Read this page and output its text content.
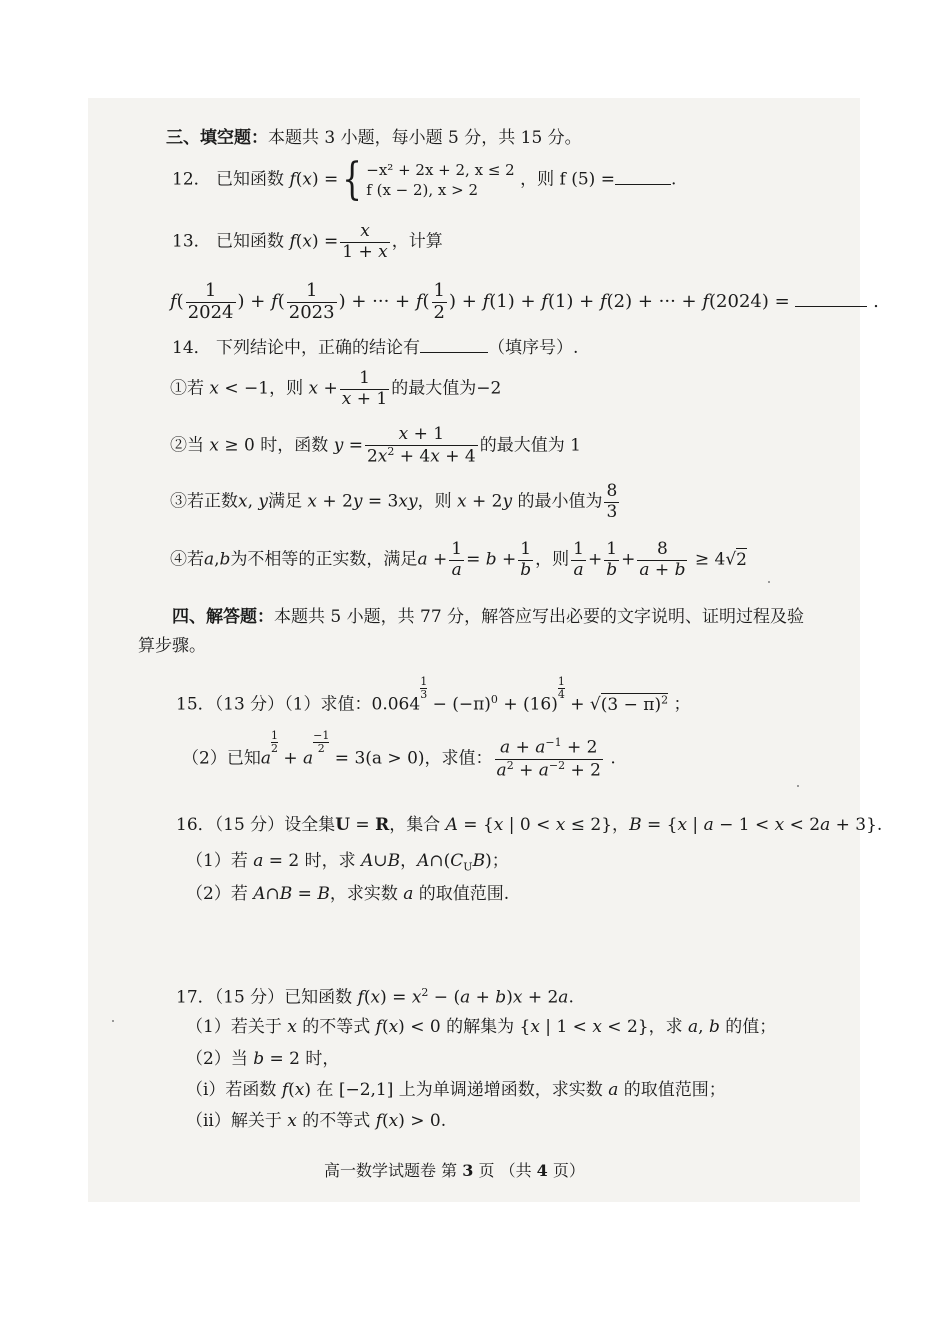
三、填空题：本题共 3 小题，每小题 5 分，共 15 分。
12． 已知函数 f(x) ={ −x² + 2x + 2, x ≤ 2
f (x − 2), x > 2
，则 f (5) =	.
13． 已知函数 $f(x) = \frac{x}{1 + x}$ ，计算
$f( \frac{1}{2024}$ ) + $f( \frac{1}{2023}$ ) + ··· + $f( \frac{1}{2}$ ) + f(1) + f(1) + f(2) + ··· + f(2024) =	.
14． 下列结论中，正确的结论有	（填序号）.
①若 x < −1，则 $x + \frac{1}{x + 1}$ 的最大值为−2
②当 x ≥ 0 时，函数 $y = \frac{x + 1}{2x^2 + 4x + 4}$ 的最大值为 1
③若正数x, y满足 x + 2y = 3xy，则 x + 2y 的最小值为 $\frac{8}{3}$
④若a,b为不相等的正实数，满足$a + \frac{1}{a} = b + \frac{1}{b}$ ，则 $\frac{1}{a} + \frac{1}{b} + \frac{8}{a + b} \ge 4√2$
四、解答题：本题共 5 小题，共 77 分，解答应写出必要的文字说明、证明过程及验
算步骤。
15．（13 分）（1）求值：0.064
$\frac{1}{3}$
− $(-\pi)^0 + (16)$
$\frac{1}{4}$
+ $√(3 - \pi)^2$ ；
（2）已知a
$\frac{1}{2}$
+ a
$\frac{-1}{2}$
= 3(a > 0)，求值： $\frac{a + a^{-1} + 2}{a^2 + a^{-2} + 2}$ .
16．（15 分）设全集U = R，集合 A = {x | 0 < x ≤ 2}，B = {x | a − 1 < x < 2a + 3}.
（1）若 a = 2 时，求 A∪B，$A\cap(C_UB)$；
（2）若 A∩B = B，求实数 a 的取值范围.
17．（15 分）已知函数 $f(x) = x^2 - (a + b)x + 2a$.
（1）若关于 x 的不等式 f(x) < 0 的解集为 {x | 1 < x < 2}，求 a, b 的值；
（2）当 b = 2 时，
（i）若函数 f(x) 在 [−2,1] 上为单调递增函数，求实数 a 的取值范围；
（ii）解关于 x 的不等式 f(x) > 0.
高一数学试题卷 第 3 页 （共 4 页）
